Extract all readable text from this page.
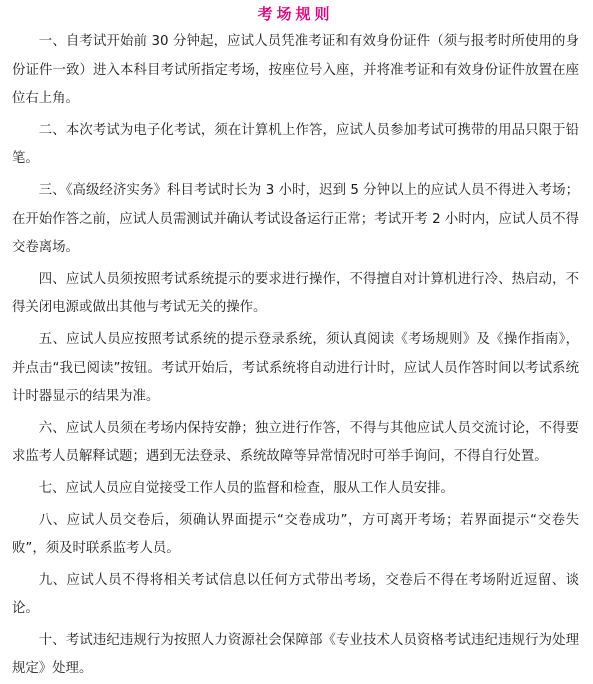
考场规则

一、自考试开始前 30 分钟起，应试人员凭准考证和有效身份证件（须与报考时所使用的身份证件一致）进入本科目考试所指定考场，按座位号入座，并将准考证和有效身份证件放置在座位右上角。

二、本次考试为电子化考试，须在计算机上作答，应试人员参加考试可携带的用品只限于铅笔。

三、《高级经济实务》科目考试时长为 3 小时，迟到 5 分钟以上的应试人员不得进入考场；在开始作答之前，应试人员需测试并确认考试设备运行正常；考试开考 2 小时内，应试人员不得交卷离场。

四、应试人员须按照考试系统提示的要求进行操作，不得擅自对计算机进行冷、热启动，不得关闭电源或做出其他与考试无关的操作。

五、应试人员应按照考试系统的提示登录系统，须认真阅读《考场规则》及《操作指南》，并点击“我已阅读”按钮。考试开始后，考试系统将自动进行计时，应试人员作答时间以考试系统计时器显示的结果为准。

六、应试人员须在考场内保持安静；独立进行作答，不得与其他应试人员交流讨论，不得要求监考人员解释试题；遇到无法登录、系统故障等异常情况时可举手询问，不得自行处置。

七、应试人员应自觉接受工作人员的监督和检查，服从工作人员安排。

八、应试人员交卷后，须确认界面提示“交卷成功”，方可离开考场；若界面提示“交卷失败”，须及时联系监考人员。

九、应试人员不得将相关考试信息以任何方式带出考场，交卷后不得在考场附近逗留、谈论。

十、考试违纪违规行为按照人力资源社会保障部《专业技术人员资格考试违纪违规行为处理规定》处理。
